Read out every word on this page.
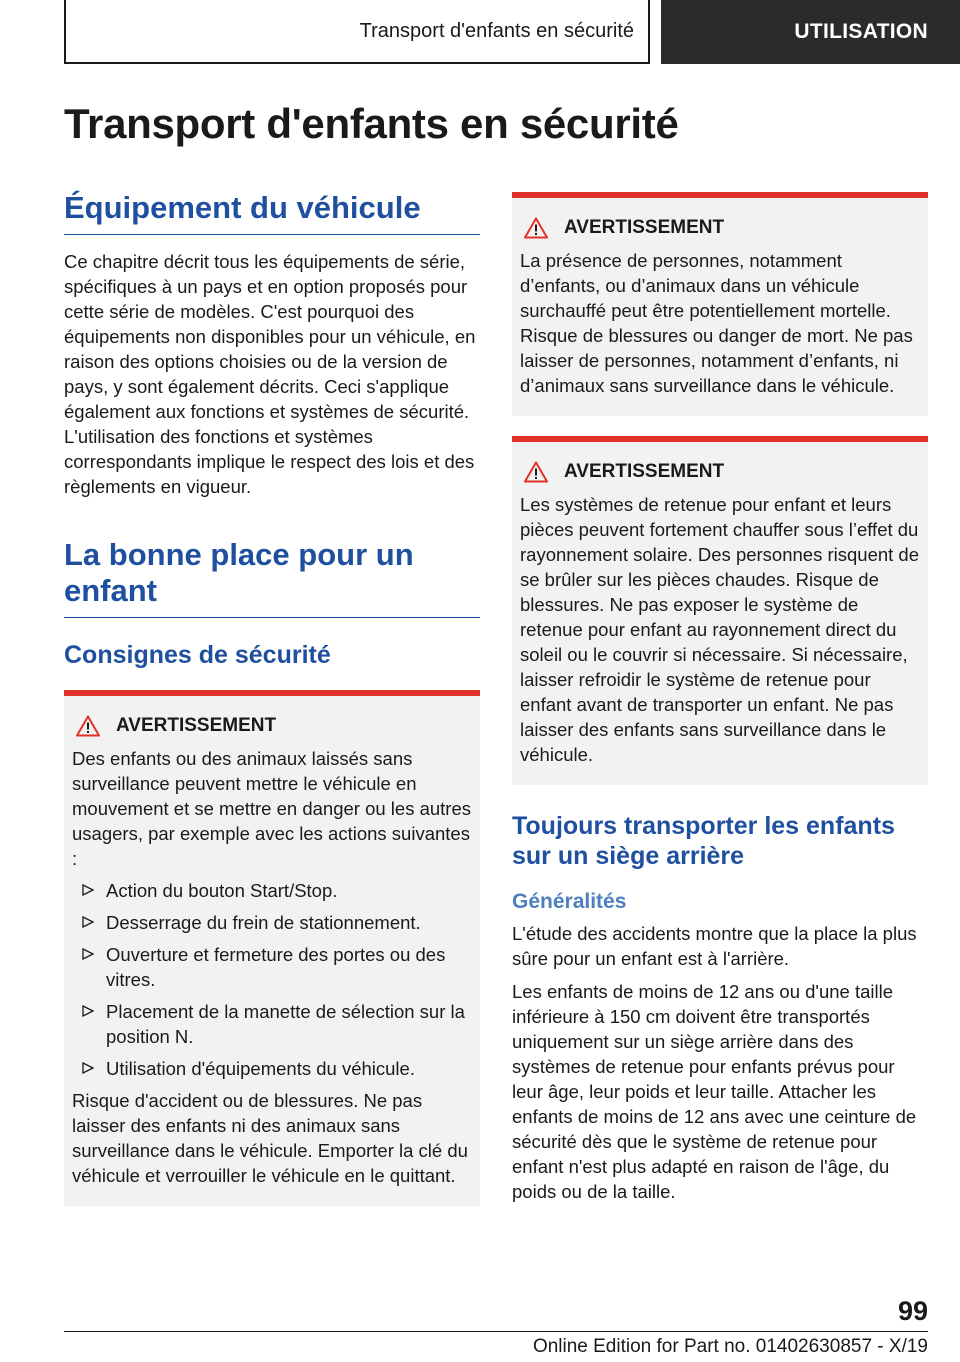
Transport d'enfants en sécurité	UTILISATION
Transport d'enfants en sécurité
Équipement du véhicule

Ce chapitre décrit tous les équipements de série, spécifiques à un pays et en option proposés pour cette série de modèles. C'est pourquoi des équipements non disponibles pour un véhicule, en raison des options choisies ou de la version de pays, y sont également décrits. Ceci s'applique également aux fonctions et systèmes de sécurité. L'utilisation des fonctions et systèmes correspondants implique le respect des lois et des règlements en vigueur.

La bonne place pour un enfant
Consignes de sécurité
AVERTISSEMENT

Des enfants ou des animaux laissés sans surveillance peuvent mettre le véhicule en mouvement et se mettre en danger ou les autres usagers, par exemple avec les actions suivantes :

Action du bouton Start/Stop.
Desserrage du frein de stationnement.
Ouverture et fermeture des portes ou des vitres.
Placement de la manette de sélection sur la position N.
Utilisation d'équipements du véhicule.

Risque d'accident ou de blessures. Ne pas laisser des enfants ni des animaux sans surveillance dans le véhicule. Emporter la clé du véhicule et verrouiller le véhicule en le quittant.

AVERTISSEMENT

La présence de personnes, notamment d’enfants, ou d’animaux dans un véhicule surchauffé peut être potentiellement mortelle. Risque de blessures ou danger de mort. Ne pas laisser de personnes, notamment d’enfants, ni d’animaux sans surveillance dans le véhicule.

AVERTISSEMENT

Les systèmes de retenue pour enfant et leurs pièces peuvent fortement chauffer sous l’effet du rayonnement solaire. Des personnes risquent de se brûler sur les pièces chaudes. Risque de blessures. Ne pas exposer le système de retenue pour enfant au rayonnement direct du soleil ou le couvrir si nécessaire. Si nécessaire, laisser refroidir le système de retenue pour enfant avant de transporter un enfant. Ne pas laisser des enfants sans surveillance dans le véhicule.

Toujours transporter les enfants sur un siège arrière
Généralités

L'étude des accidents montre que la place la plus sûre pour un enfant est à l'arrière.

Les enfants de moins de 12 ans ou d'une taille inférieure à 150 cm doivent être transportés uniquement sur un siège arrière dans des systèmes de retenue pour enfants prévus pour leur âge, leur poids et leur taille. Attacher les enfants de moins de 12 ans avec une ceinture de sécurité dès que le système de retenue pour enfant n'est plus adapté en raison de l'âge, du poids ou de la taille.

99
Online Edition for Part no. 01402630857 - X/19
